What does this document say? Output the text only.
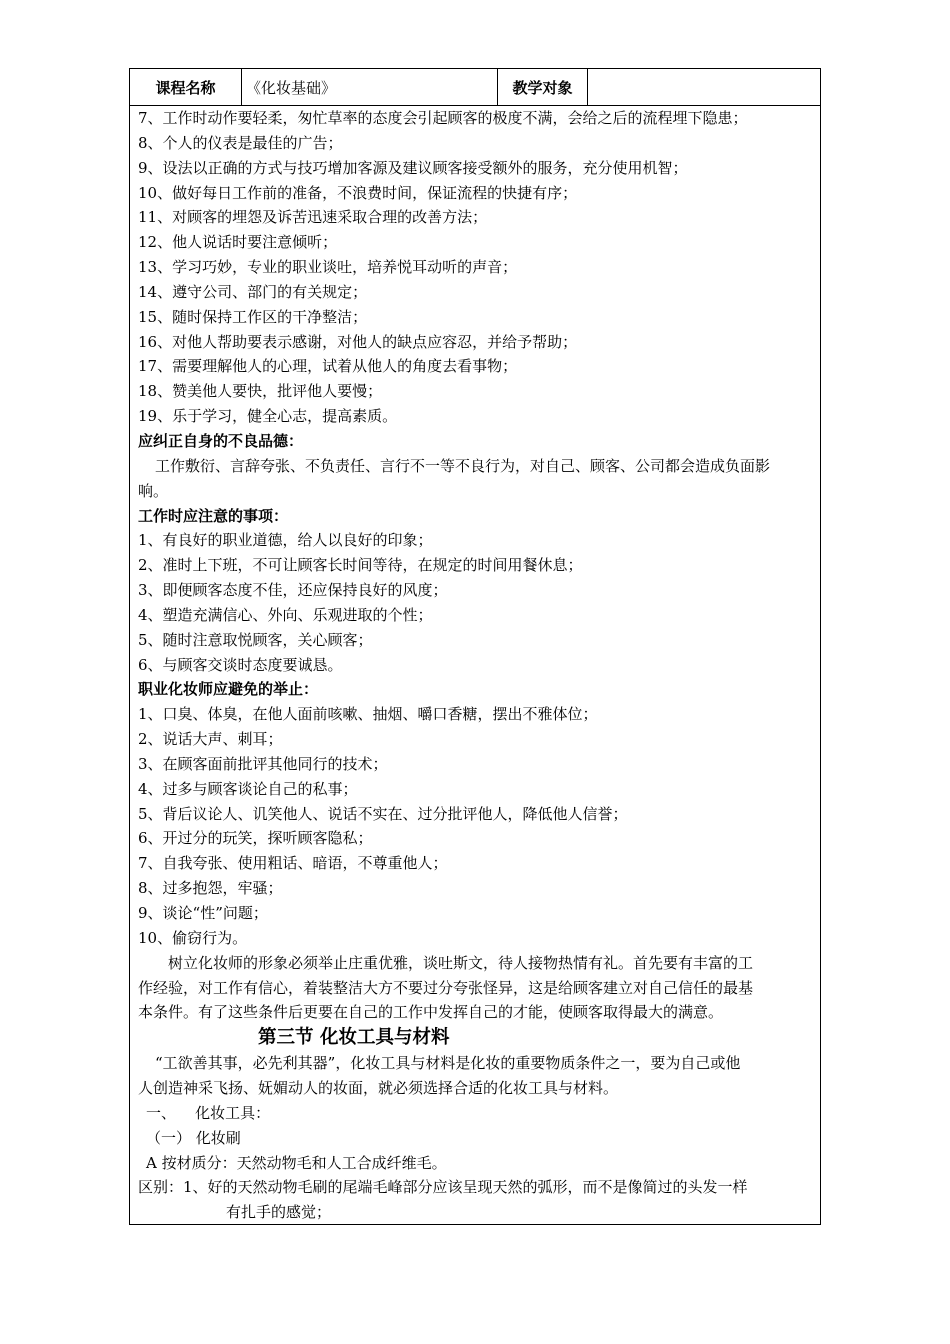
课程名称	《化妆基础》	教学对象
7、工作时动作要轻柔，匆忙草率的态度会引起顾客的极度不满，会给之后的流程埋下隐患；
8、个人的仪表是最佳的广告；
9、设法以正确的方式与技巧增加客源及建议顾客接受额外的服务，充分使用机智；
10、做好每日工作前的准备，不浪费时间，保证流程的快捷有序；
11、对顾客的埋怨及诉苦迅速采取合理的改善方法；
12、他人说话时要注意倾听；
13、学习巧妙，专业的职业谈吐，培养悦耳动听的声音；
14、遵守公司、部门的有关规定；
15、随时保持工作区的干净整洁；
16、对他人帮助要表示感谢，对他人的缺点应容忍，并给予帮助；
17、需要理解他人的心理，试着从他人的角度去看事物；
18、赞美他人要快，批评他人要慢；
19、乐于学习，健全心志，提高素质。
应纠正自身的不良品德：
工作敷衍、言辞夸张、不负责任、言行不一等不良行为，对自己、顾客、公司都会造成负面影
响。
工作时应注意的事项：
1、有良好的职业道德，给人以良好的印象；
2、准时上下班，不可让顾客长时间等待，在规定的时间用餐休息；
3、即便顾客态度不佳，还应保持良好的风度；
4、塑造充满信心、外向、乐观进取的个性；
5、随时注意取悦顾客，关心顾客；
6、与顾客交谈时态度要诚恳。
职业化妆师应避免的举止：
1、口臭、体臭，在他人面前咳嗽、抽烟、嚼口香糖，摆出不雅体位；
2、说话大声、刺耳；
3、在顾客面前批评其他同行的技术；
4、过多与顾客谈论自己的私事；
5、背后议论人、讥笑他人、说话不实在、过分批评他人，降低他人信誉；
6、开过分的玩笑，探听顾客隐私；
7、自我夸张、使用粗话、暗语，不尊重他人；
8、过多抱怨，牢骚；
9、谈论“性”问题；
10、偷窃行为。
树立化妆师的形象必须举止庄重优雅，谈吐斯文，待人接物热情有礼。首先要有丰富的工
作经验，对工作有信心，着装整洁大方不要过分夸张怪异，这是给顾客建立对自己信任的最基
本条件。有了这些条件后更要在自己的工作中发挥自己的才能，使顾客取得最大的满意。
第三节 化妆工具与材料
“工欲善其事，必先利其器”，化妆工具与材料是化妆的重要物质条件之一，要为自己或他
人创造神采飞扬、妩媚动人的妆面，就必须选择合适的化妆工具与材料。
一、    化妆工具：
（一） 化妆刷
A 按材质分：天然动物毛和人工合成纤维毛。
区别：1、好的天然动物毛刷的尾端毛峰部分应该呈现天然的弧形，而不是像简过的头发一样
有扎手的感觉；
